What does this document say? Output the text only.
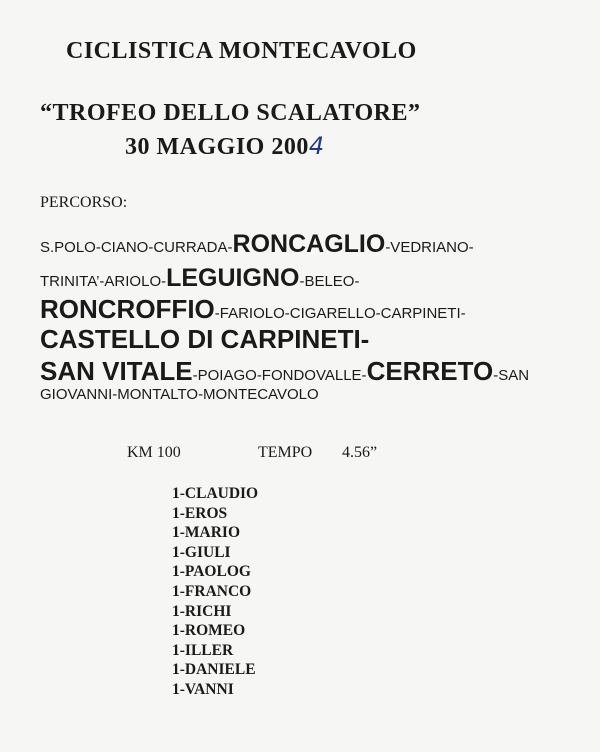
CICLISTICA MONTECAVOLO
“TROFEO DELLO SCALATORE”
30 MAGGIO 2004
PERCORSO:
S.POLO-CIANO-CURRADA-RONCAGLIO-VEDRIANO-
TRINITA’-ARIOLO-LEGUIGNO-BELEO-
RONCROFFIO-FARIOLO-CIGARELLO-CARPINETI-
CASTELLO DI CARPINETI-
SAN VITALE-POIAGO-FONDOVALLE-CERRETO-SAN
GIOVANNI-MONTALTO-MONTECAVOLO
KM 100	TEMPO 4.56”
1-CLAUDIO
1-EROS
1-MARIO
1-GIULI
1-PAOLOG
1-FRANCO
1-RICHI
1-ROMEO
1-ILLER
1-DANIELE
1-VANNI
